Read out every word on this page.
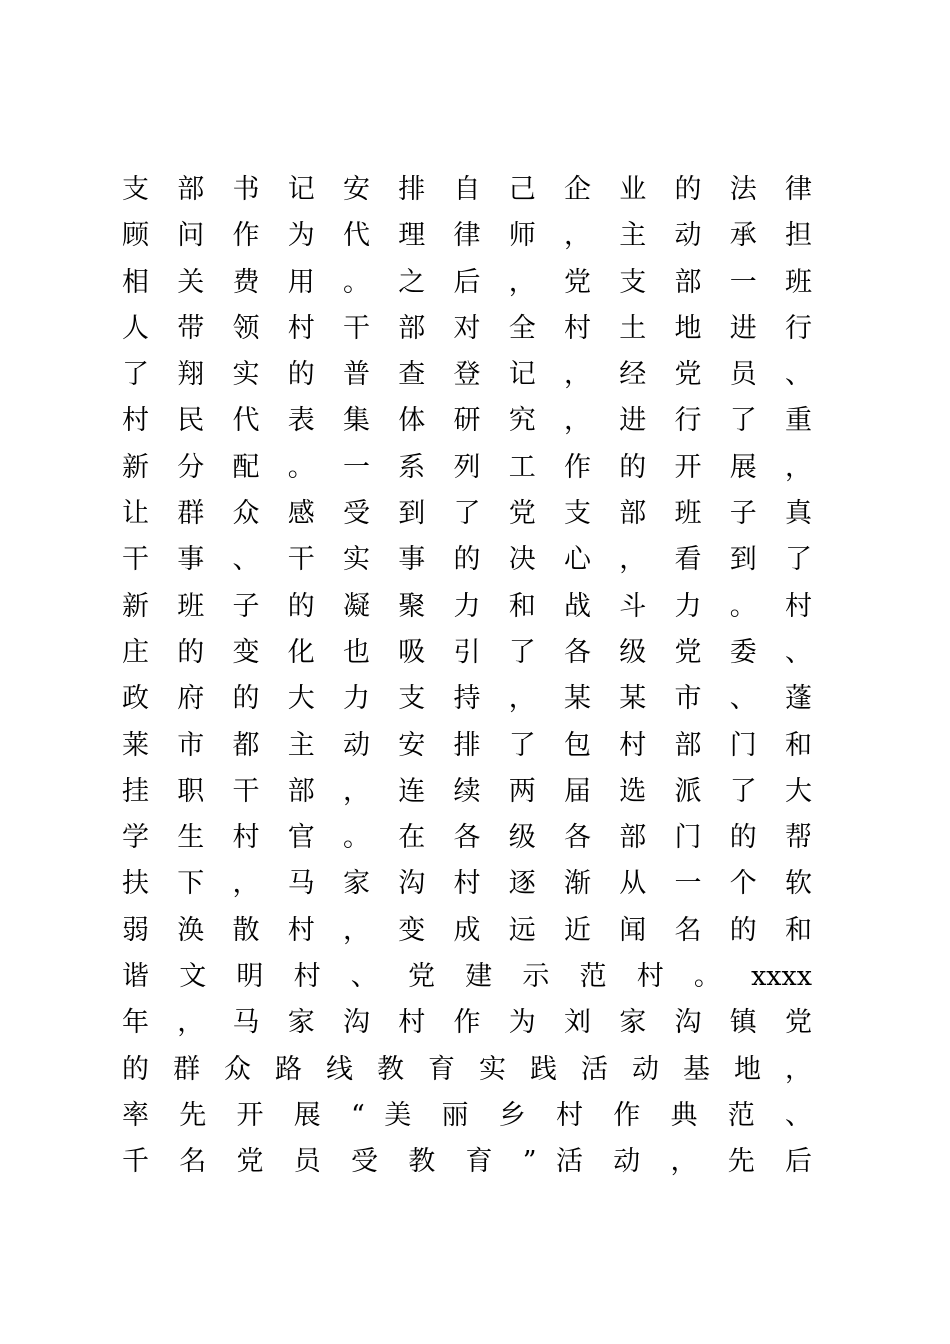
支 部 书 记 安 排 自 己 企 业 的 法 律
顾 问 作 为 代 理 律 师 ， 主 动 承 担
相 关 费 用 。 之 后 ， 党 支 部 一 班
人 带 领 村 干 部 对 全 村 土 地 进 行
了 翔 实 的 普 查 登 记 ， 经 党 员 、
村 民 代 表 集 体 研 究 ， 进 行 了 重
新 分 配 。 一 系 列 工 作 的 开 展 ，
让 群 众 感 受 到 了 党 支 部 班 子 真
干 事 、 干 实 事 的 决 心 ， 看 到 了
新 班 子 的 凝 聚 力 和 战 斗 力 。 村
庄 的 变 化 也 吸 引 了 各 级 党 委 、
政 府 的 大 力 支 持 ， 某 某 市 、 蓬
莱 市 都 主 动 安 排 了 包 村 部 门 和
挂 职 干 部 ， 连 续 两 届 选 派 了 大
学 生 村 官 。 在 各 级 各 部 门 的 帮
扶 下 ， 马 家 沟 村 逐 渐 从 一 个 软
弱 涣 散 村 ， 变 成 远 近 闻 名 的 和
谐 文 明 村 、 党 建 示 范 村 。 xxxx
年 ， 马 家 沟 村 作 为 刘 家 沟 镇 党
的 群 众 路 线 教 育 实 践 活 动 基 地 ，
率 先 开 展 “ 美 丽 乡 村 作 典 范 、
千 名 党 员 受 教 育 ” 活 动 ， 先 后
